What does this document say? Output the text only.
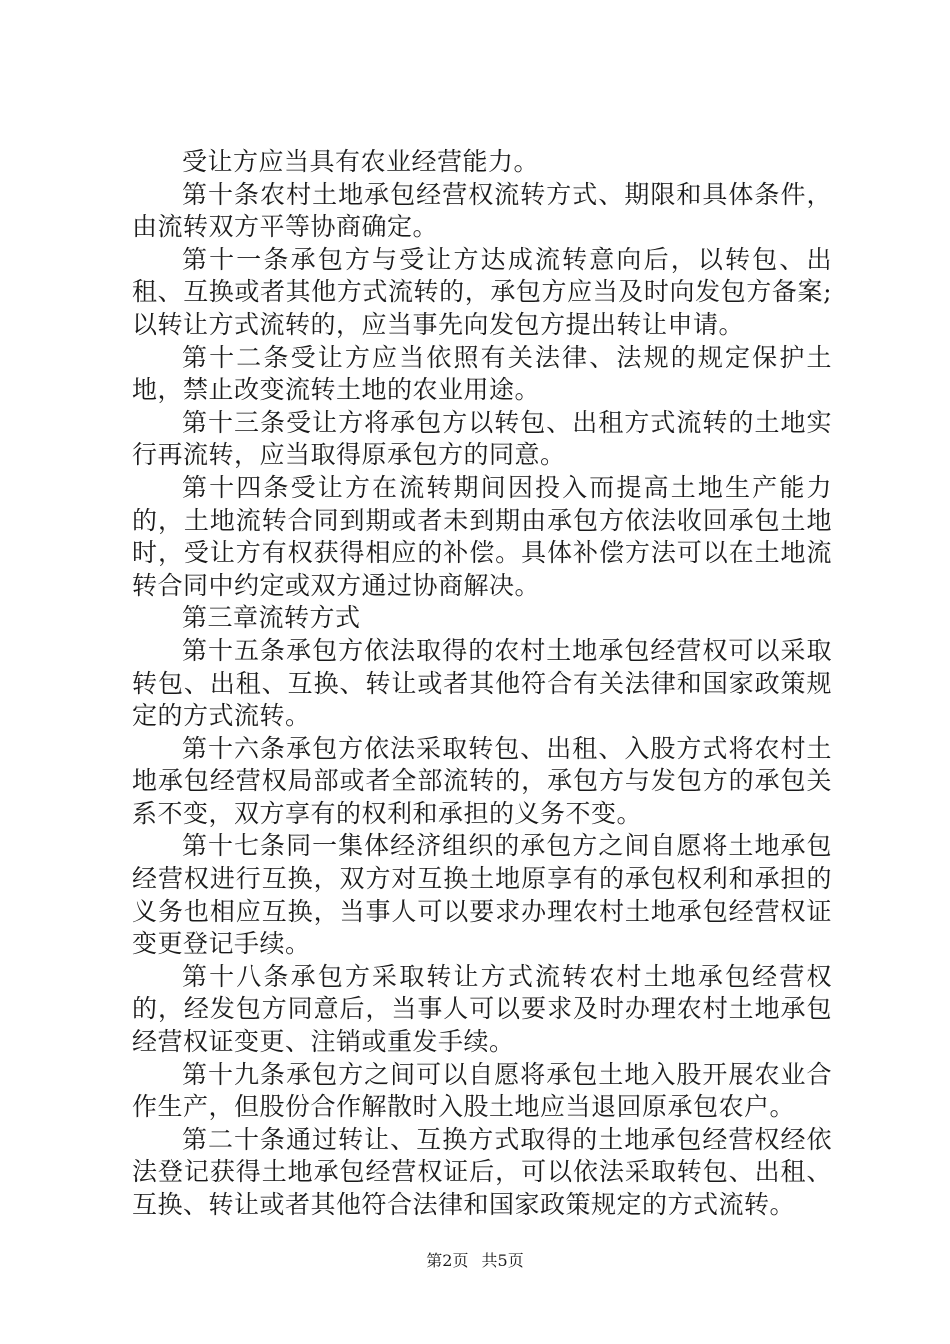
受让方应当具有农业经营能力。

第十条农村土地承包经营权流转方式、期限和具体条件，由流转双方平等协商确定。

第十一条承包方与受让方达成流转意向后，以转包、出租、互换或者其他方式流转的，承包方应当及时向发包方备案;以转让方式流转的，应当事先向发包方提出转让申请。

第十二条受让方应当依照有关法律、法规的规定保护土地，禁止改变流转土地的农业用途。

第十三条受让方将承包方以转包、出租方式流转的土地实行再流转，应当取得原承包方的同意。

第十四条受让方在流转期间因投入而提高土地生产能力的，土地流转合同到期或者未到期由承包方依法收回承包土地时，受让方有权获得相应的补偿。具体补偿方法可以在土地流转合同中约定或双方通过协商解决。

第三章流转方式

第十五条承包方依法取得的农村土地承包经营权可以采取转包、出租、互换、转让或者其他符合有关法律和国家政策规定的方式流转。

第十六条承包方依法采取转包、出租、入股方式将农村土地承包经营权局部或者全部流转的，承包方与发包方的承包关系不变，双方享有的权利和承担的义务不变。

第十七条同一集体经济组织的承包方之间自愿将土地承包经营权进行互换，双方对互换土地原享有的承包权利和承担的义务也相应互换，当事人可以要求办理农村土地承包经营权证变更登记手续。

第十八条承包方采取转让方式流转农村土地承包经营权的，经发包方同意后，当事人可以要求及时办理农村土地承包经营权证变更、注销或重发手续。

第十九条承包方之间可以自愿将承包土地入股开展农业合作生产，但股份合作解散时入股土地应当退回原承包农户。

第二十条通过转让、互换方式取得的土地承包经营权经依法登记获得土地承包经营权证后，可以依法采取转包、出租、互换、转让或者其他符合法律和国家政策规定的方式流转。

第2页 共5页
